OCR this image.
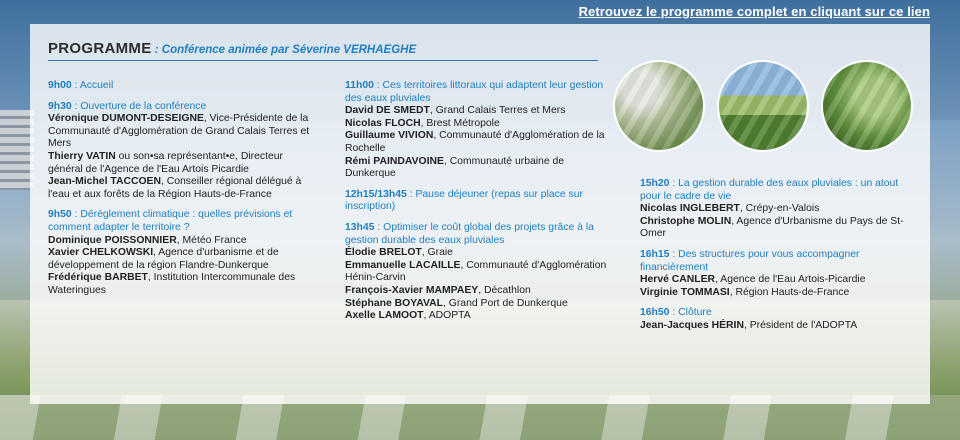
Retrouvez le programme complet en cliquant sur ce lien
PROGRAMME : Conférence animée par Séverine VERHAEGHE
9h00 : Accueil
9h30 : Ouverture de la conférence
Véronique DUMONT-DESEIGNE, Vice-Présidente de la Communauté d'Agglomération de Grand Calais Terres et Mers
Thierry VATIN ou son•sa représentant•e, Directeur général de l'Agence de l'Eau Artois Picardie
Jean-Michel TACCOEN, Conseiller régional délégué à l'eau et aux forêts de la Région Hauts-de-France
9h50 : Dérèglement climatique : quelles prévisions et comment adapter le territoire ?
Dominique POISSONNIER, Météo France
Xavier CHELKOWSKI, Agence d'urbanisme et de développement de la région Flandre-Dunkerque
Frédérique BARBET, Institution Intercommunale des Wateringues
11h00 : Ces territoires littoraux qui adaptent leur gestion des eaux pluviales
David DE SMEDT, Grand Calais Terres et Mers
Nicolas FLOCH, Brest Métropole
Guillaume VIVION, Communauté d'Agglomération de la Rochelle
Rémi PAINDAVOINE, Communauté urbaine de Dunkerque
12h15/13h45 : Pause déjeuner (repas sur place sur inscription)
13h45 : Optimiser le coût global des projets grâce à la gestion durable des eaux pluviales
Élodie BRELOT, Graie
Emmanuelle LACAILLE, Communauté d'Agglomération Hénin-Carvin
François-Xavier MAMPAEY, Décathlon
Stéphane BOYAVAL, Grand Port de Dunkerque
Axelle LAMOOT, ADOPTA
15h20 : La gestion durable des eaux pluviales : un atout pour le cadre de vie
Nicolas INGLEBERT, Crépy-en-Valois
Christophe MOLIN, Agence d'Urbanisme du Pays de St-Omer
16h15 : Des structures pour vous accompagner financièrement
Hervé CANLER, Agence de l'Eau Artois-Picardie
Virginie TOMMASI, Région Hauts-de-France
16h50 : Clôture
Jean-Jacques HÉRIN, Président de l'ADOPTA
